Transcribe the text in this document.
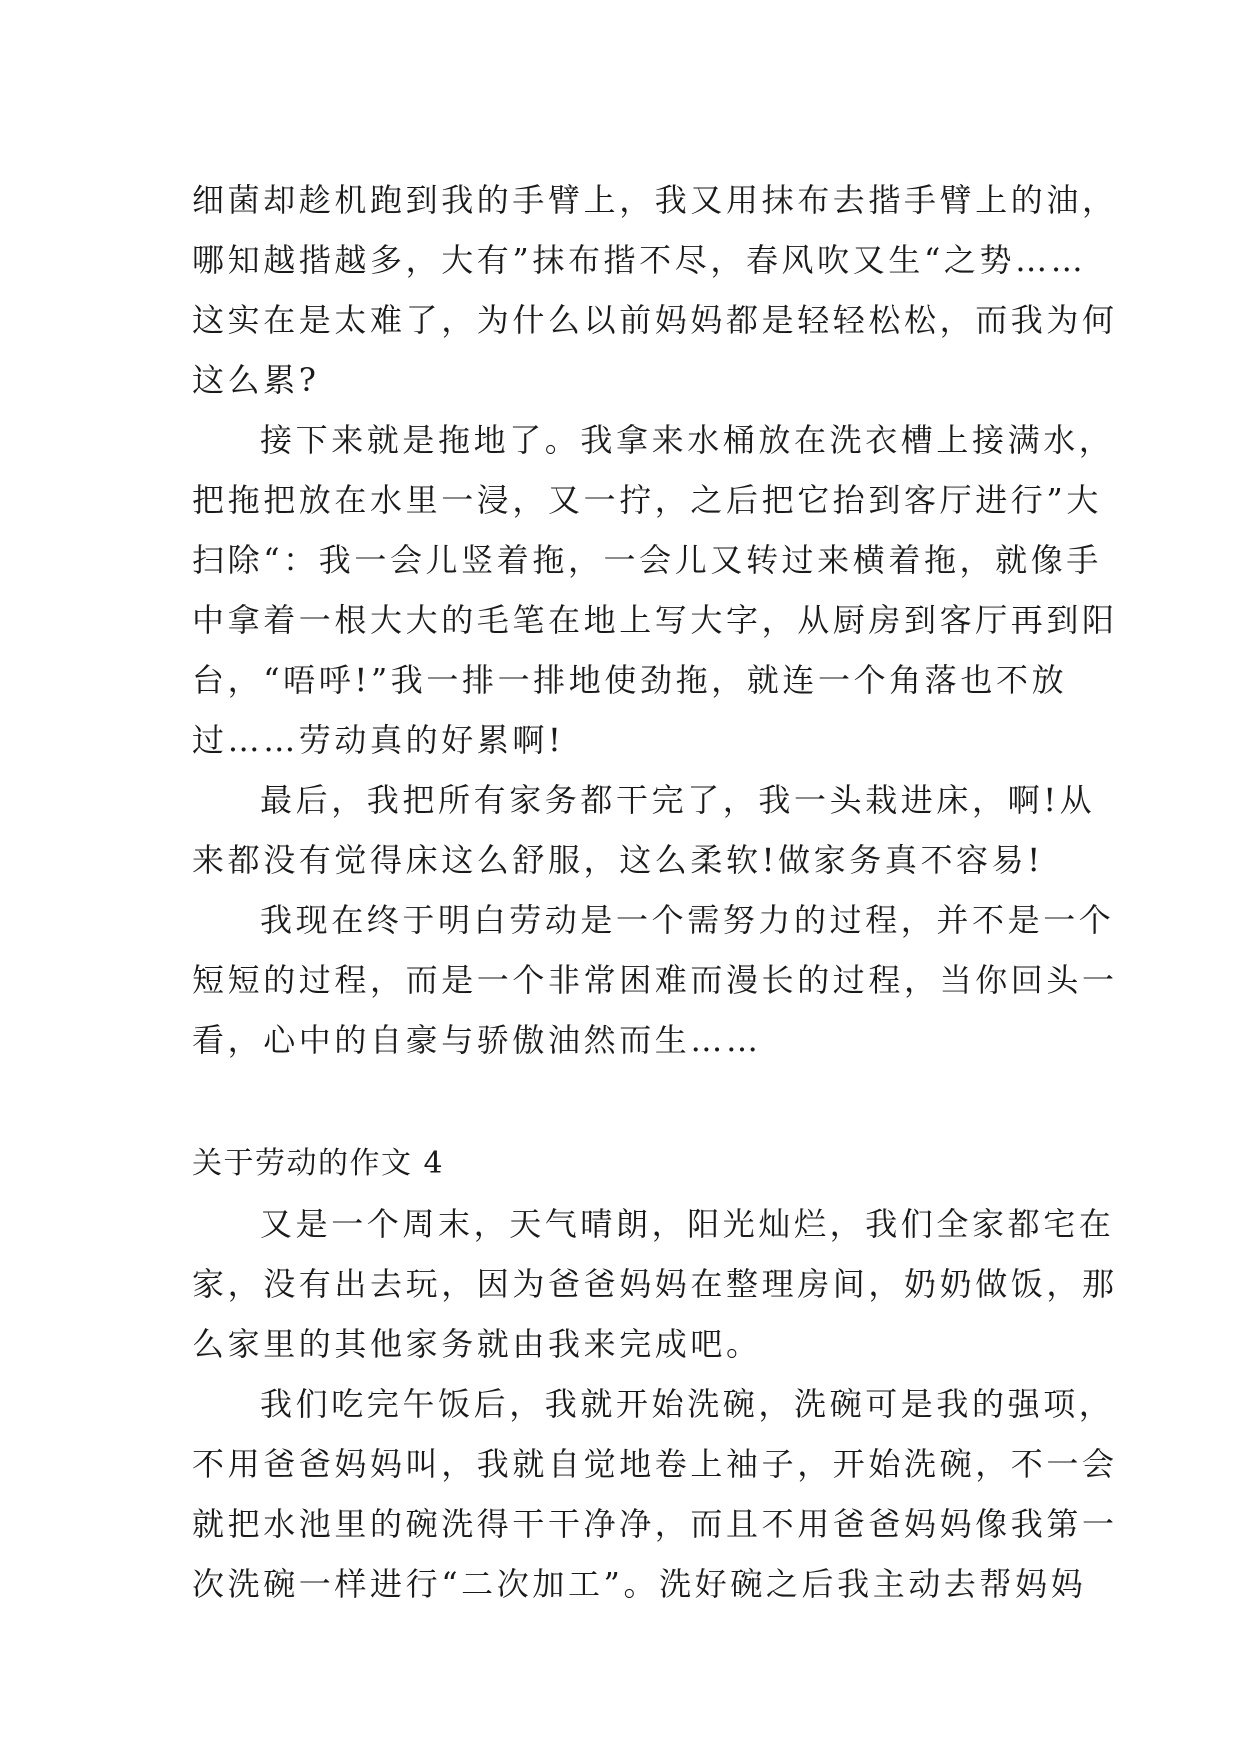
细菌却趁机跑到我的手臂上，我又用抹布去揩手臂上的油，
哪知越揩越多，大有”抹布揩不尽，春风吹又生“之势……
这实在是太难了，为什么以前妈妈都是轻轻松松，而我为何
这么累?
接下来就是拖地了。我拿来水桶放在洗衣槽上接满水，
把拖把放在水里一浸，又一拧，之后把它抬到客厅进行”大
扫除“：我一会儿竖着拖，一会儿又转过来横着拖，就像手
中拿着一根大大的毛笔在地上写大字，从厨房到客厅再到阳
台，“唔呼!”我一排一排地使劲拖，就连一个角落也不放
过……劳动真的好累啊!
最后，我把所有家务都干完了，我一头栽进床，啊!从
来都没有觉得床这么舒服，这么柔软!做家务真不容易!
我现在终于明白劳动是一个需努力的过程，并不是一个
短短的过程，而是一个非常困难而漫长的过程，当你回头一
看，心中的自豪与骄傲油然而生……
关于劳动的作文 4
又是一个周末，天气晴朗，阳光灿烂，我们全家都宅在
家，没有出去玩，因为爸爸妈妈在整理房间，奶奶做饭，那
么家里的其他家务就由我来完成吧。
我们吃完午饭后，我就开始洗碗，洗碗可是我的强项，
不用爸爸妈妈叫，我就自觉地卷上袖子，开始洗碗，不一会
就把水池里的碗洗得干干净净，而且不用爸爸妈妈像我第一
次洗碗一样进行“二次加工”。洗好碗之后我主动去帮妈妈
